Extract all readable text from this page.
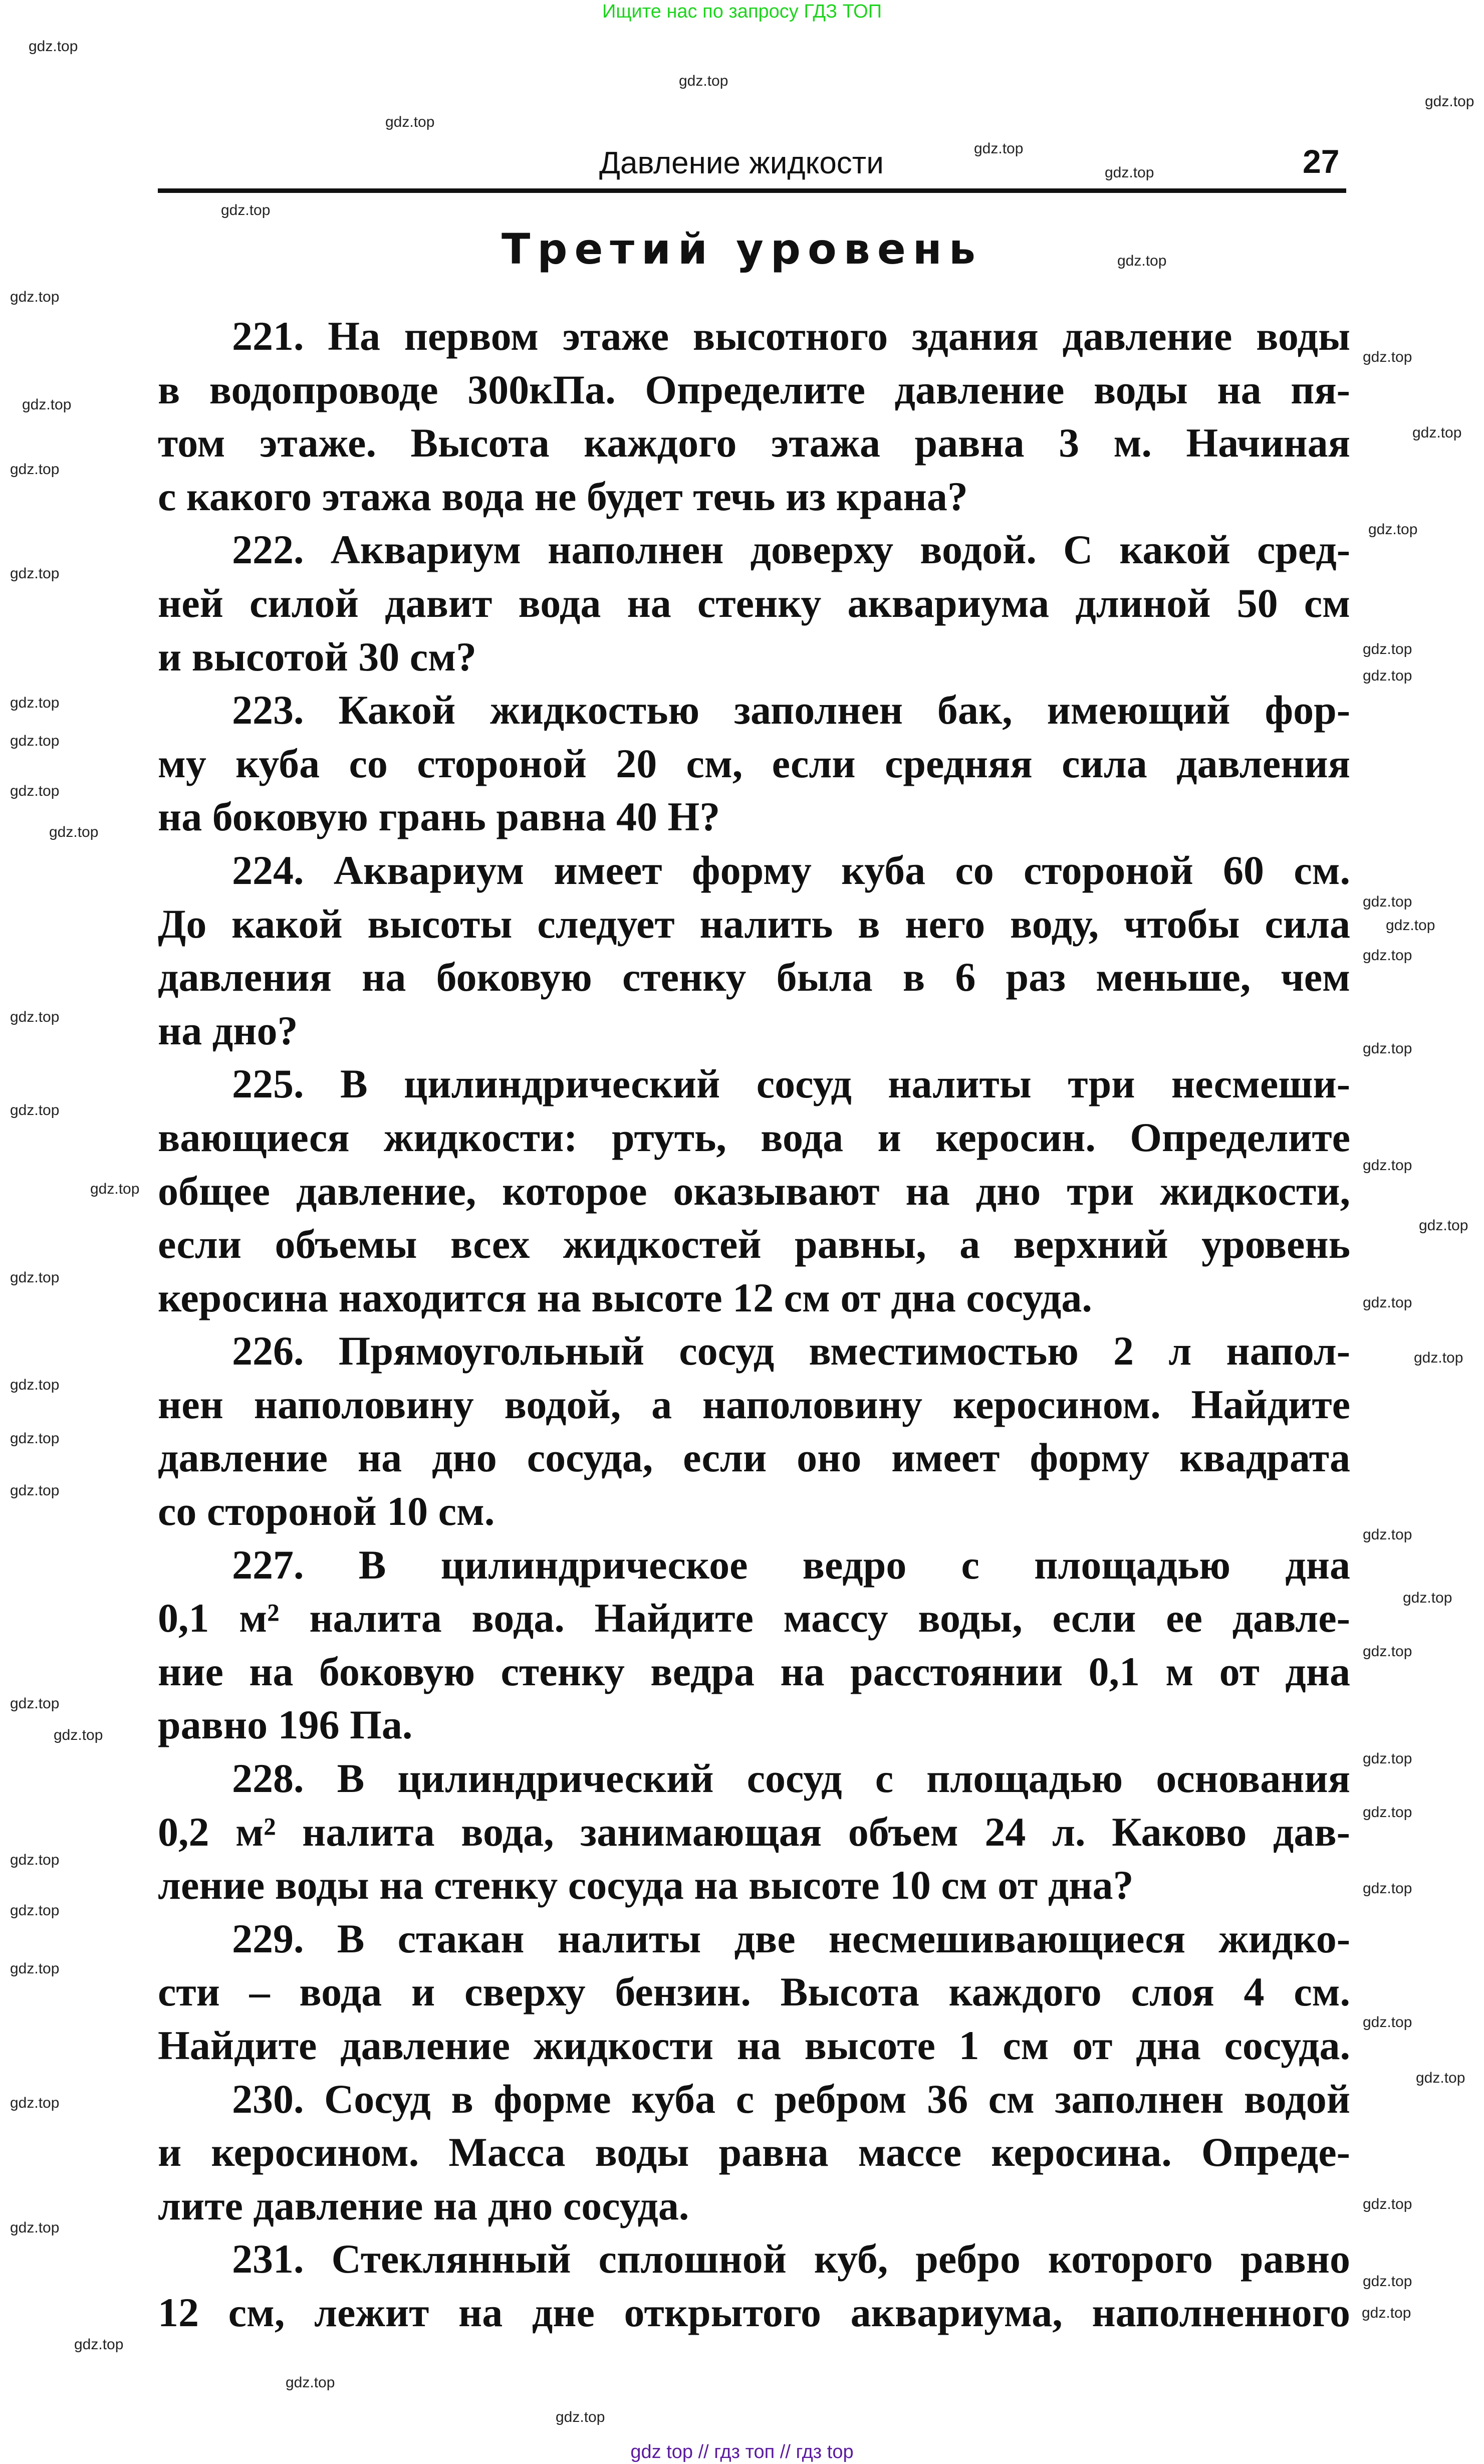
Ищите нас по запросу ГДЗ ТОП
Давление жидкости	27
Третий уровень
221. На первом этаже высотного здания давление воды
в водопроводе 300кПа. Определите давление воды на пя-
том этаже. Высота каждого этажа равна 3 м. Начиная
с какого этажа вода не будет течь из крана?
222. Аквариум наполнен доверху водой. С какой сред-
ней силой давит вода на стенку аквариума длиной 50 см
и высотой 30 см?
223. Какой жидкостью заполнен бак, имеющий фор-
му куба со стороной 20 см, если средняя сила давления
на боковую грань равна 40 Н?
224. Аквариум имеет форму куба со стороной 60 см.
До какой высоты следует налить в него воду, чтобы сила
давления на боковую стенку была в 6 раз меньше, чем
на дно?
225. В цилиндрический сосуд налиты три несмеши-
вающиеся жидкости: ртуть, вода и керосин. Определите
общее давление, которое оказывают на дно три жидкости,
если объемы всех жидкостей равны, а верхний уровень
керосина находится на высоте 12 см от дна сосуда.
226. Прямоугольный сосуд вместимостью 2 л напол-
нен наполовину водой, а наполовину керосином. Найдите
давление на дно сосуда, если оно имеет форму квадрата
со стороной 10 см.
227. В цилиндрическое ведро с площадью дна
0,1 м² налита вода. Найдите массу воды, если ее давле-
ние на боковую стенку ведра на расстоянии 0,1 м от дна
равно 196 Па.
228. В цилиндрический сосуд с площадью основания
0,2 м² налита вода, занимающая объем 24 л. Каково дав-
ление воды на стенку сосуда на высоте 10 см от дна?
229. В стакан налиты две несмешивающиеся жидко-
сти – вода и сверху бензин. Высота каждого слоя 4 см.
Найдите давление жидкости на высоте 1 см от дна сосуда.
230. Сосуд в форме куба с ребром 36 см заполнен водой
и керосином. Масса воды равна массе керосина. Опреде-
лите давление на дно сосуда.
231. Стеклянный сплошной куб, ребро которого равно
12 см, лежит на дне открытого аквариума, наполненного
gdz.top
gdz.top
gdz.top
gdz.top
gdz.top
gdz.top
gdz.top
gdz.top
gdz.top
gdz.top
gdz.top
gdz.top
gdz.top
gdz.top
gdz.top
gdz.top
gdz.top
gdz.top
gdz.top
gdz.top
gdz.top
gdz.top
gdz.top
gdz.top
gdz.top
gdz.top
gdz.top
gdz.top
gdz.top
gdz.top
gdz.top
gdz.top
gdz.top
gdz.top
gdz.top
gdz.top
gdz.top
gdz.top
gdz.top
gdz.top
gdz.top
gdz.top
gdz.top
gdz.top
gdz.top
gdz.top
gdz.top
gdz.top
gdz.top
gdz.top
gdz.top
gdz.top
gdz.top
gdz.top
gdz.top
gdz.top
gdz.top
gdz top // гдз топ // гдз top
